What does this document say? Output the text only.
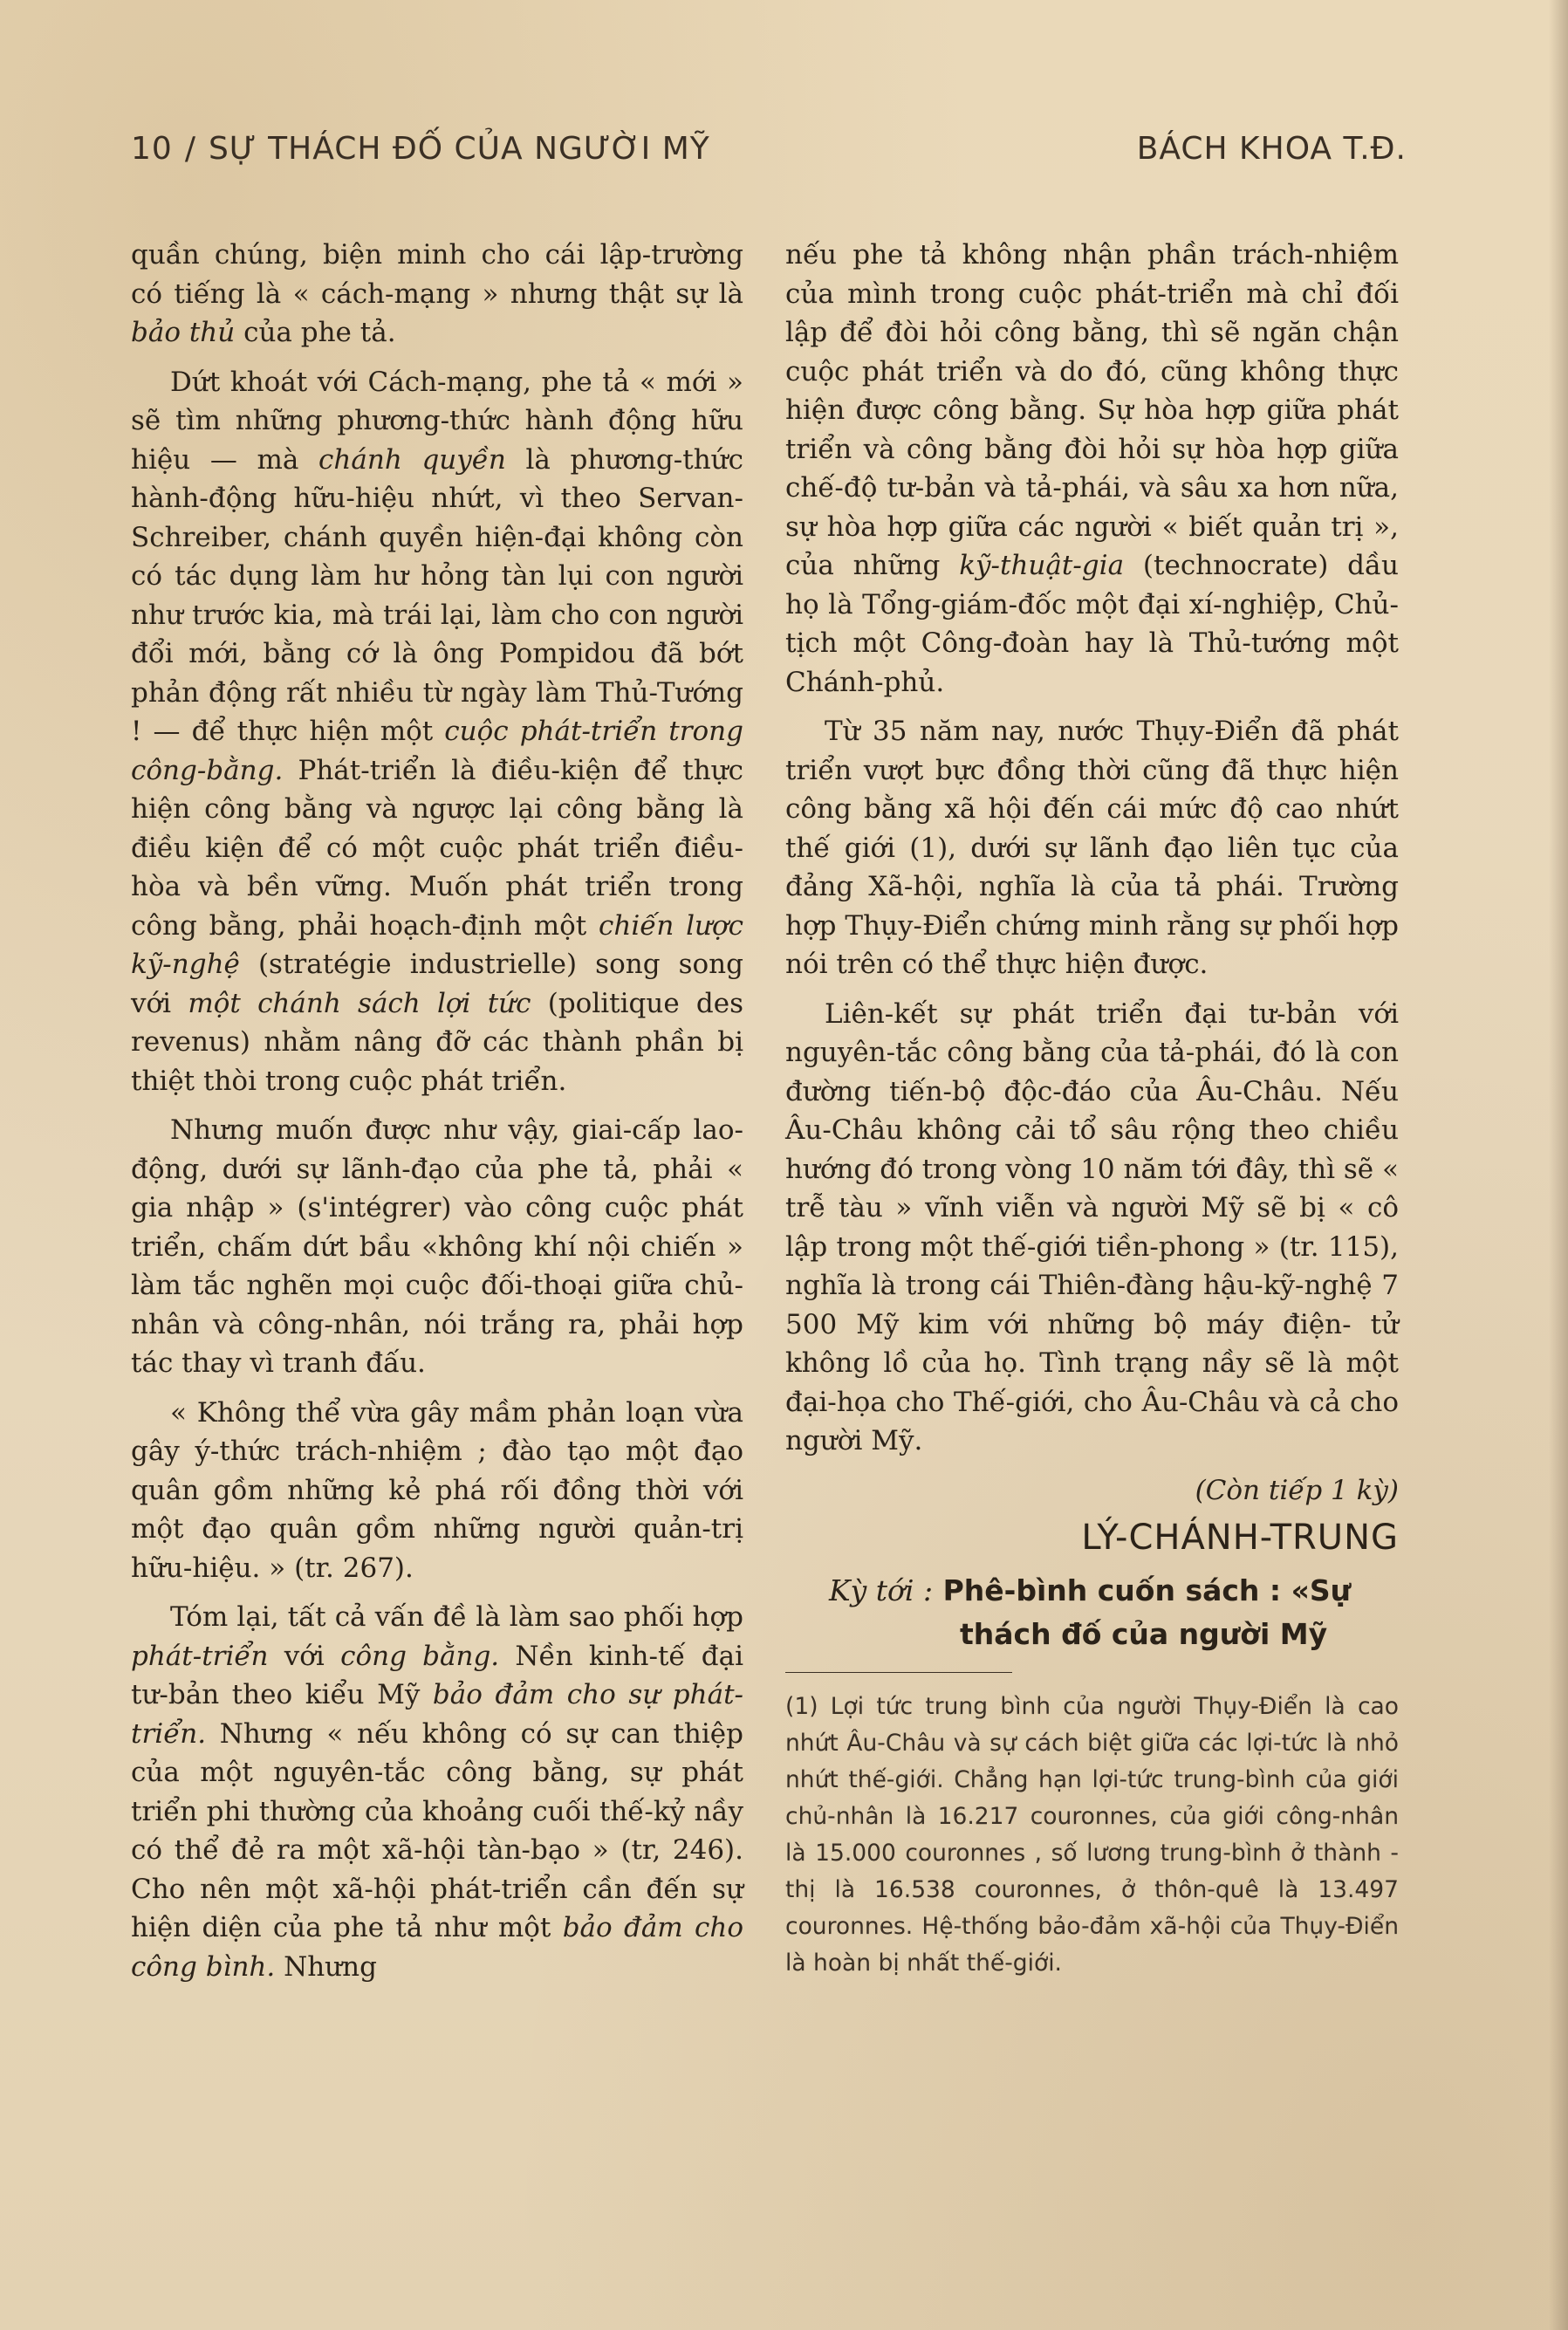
10 / SỰ THÁCH ĐỐ CỦA NGƯỜI MỸ	BÁCH KHOA T.Đ.

quần chúng, biện minh cho cái lập-trường có tiếng là « cách-mạng » nhưng thật sự là bảo thủ của phe tả.

Dứt khoát với Cách-mạng, phe tả « mới » sẽ tìm những phương-thức hành động hữu hiệu — mà chánh quyền là phương-thức hành-động hữu-hiệu nhứt, vì theo Servan-Schreiber, chánh quyền hiện-đại không còn có tác dụng làm hư hỏng tàn lụi con người như trước kia, mà trái lại, làm cho con người đổi mới, bằng cớ là ông Pompidou đã bớt phản động rất nhiều từ ngày làm Thủ-Tướng ! — để thực hiện một cuộc phát-triển trong công-bằng. Phát-triển là điều-kiện để thực hiện công bằng và ngược lại công bằng là điều kiện để có một cuộc phát triển điều-hòa và bền vững. Muốn phát triển trong công bằng, phải hoạch-định một chiến lược kỹ-nghệ (stratégie industrielle) song song với một chánh sách lợi tức (politique des revenus) nhằm nâng đỡ các thành phần bị thiệt thòi trong cuộc phát triển.

Nhưng muốn được như vậy, giai-cấp lao-động, dưới sự lãnh-đạo của phe tả, phải « gia nhập » (s'intégrer) vào công cuộc phát triển, chấm dứt bầu «không khí nội chiến » làm tắc nghẽn mọi cuộc đối-thoại giữa chủ-nhân và công-nhân, nói trắng ra, phải hợp tác thay vì tranh đấu.

« Không thể vừa gây mầm phản loạn vừa gây ý-thức trách-nhiệm ; đào tạo một đạo quân gồm những kẻ phá rối đồng thời với một đạo quân gồm những người quản-trị hữu-hiệu. » (tr. 267).

Tóm lại, tất cả vấn đề là làm sao phối hợp phát-triển với công bằng. Nền kinh-tế đại tư-bản theo kiểu Mỹ bảo đảm cho sự phát-triển. Nhưng « nếu không có sự can thiệp của một nguyên-tắc công bằng, sự phát triển phi thường của khoảng cuối thế-kỷ nầy có thể đẻ ra một xã-hội tàn-bạo » (tr, 246). Cho nên một xã-hội phát-triển cần đến sự hiện diện của phe tả như một bảo đảm cho công bình. Nhưng

nếu phe tả không nhận phần trách-nhiệm của mình trong cuộc phát-triển mà chỉ đối lập để đòi hỏi công bằng, thì sẽ ngăn chận cuộc phát triển và do đó, cũng không thực hiện được công bằng. Sự hòa hợp giữa phát triển và công bằng đòi hỏi sự hòa hợp giữa chế-độ tư-bản và tả-phái, và sâu xa hơn nữa, sự hòa hợp giữa các người « biết quản trị », của những kỹ-thuật-gia (technocrate) dầu họ là Tổng-giám-đốc một đại xí-nghiệp, Chủ-tịch một Công-đoàn hay là Thủ-tướng một Chánh-phủ.

Từ 35 năm nay, nước Thụy-Điển đã phát triển vượt bực đồng thời cũng đã thực hiện công bằng xã hội đến cái mức độ cao nhứt thế giới (1), dưới sự lãnh đạo liên tục của đảng Xã-hội, nghĩa là của tả phái. Trường hợp Thụy-Điển chứng minh rằng sự phối hợp nói trên có thể thực hiện được.

Liên-kết sự phát triển đại tư-bản với nguyên-tắc công bằng của tả-phái, đó là con đường tiến-bộ độc-đáo của Âu-Châu. Nếu Âu-Châu không cải tổ sâu rộng theo chiều hướng đó trong vòng 10 năm tới đây, thì sẽ « trễ tàu » vĩnh viễn và người Mỹ sẽ bị « cô lập trong một thế-giới tiền-phong » (tr. 115), nghĩa là trong cái Thiên-đàng hậu-kỹ-nghệ 7 500 Mỹ kim với những bộ máy điện- tử không lồ của họ. Tình trạng nầy sẽ là một đại-họa cho Thế-giới, cho Âu-Châu và cả cho người Mỹ.

(Còn tiếp 1 kỳ)
LÝ-CHÁNH-TRUNG
Kỳ tới : Phê-bình cuốn sách : «Sự
thách đố của người Mỹ
(1) Lợi tức trung bình của người Thụy-Điển là cao nhứt Âu-Châu và sự cách biệt giữa các lợi-tức là nhỏ nhứt thế-giới. Chẳng hạn lợi-tức trung-bình của giới chủ-nhân là 16.217 couronnes, của giới công-nhân là 15.000 couronnes , số lương trung-bình ở thành - thị là 16.538 couronnes, ở thôn-quê là 13.497 couronnes. Hệ-thống bảo-đảm xã-hội của Thụy-Điển là hoàn bị nhất thế-giới.
